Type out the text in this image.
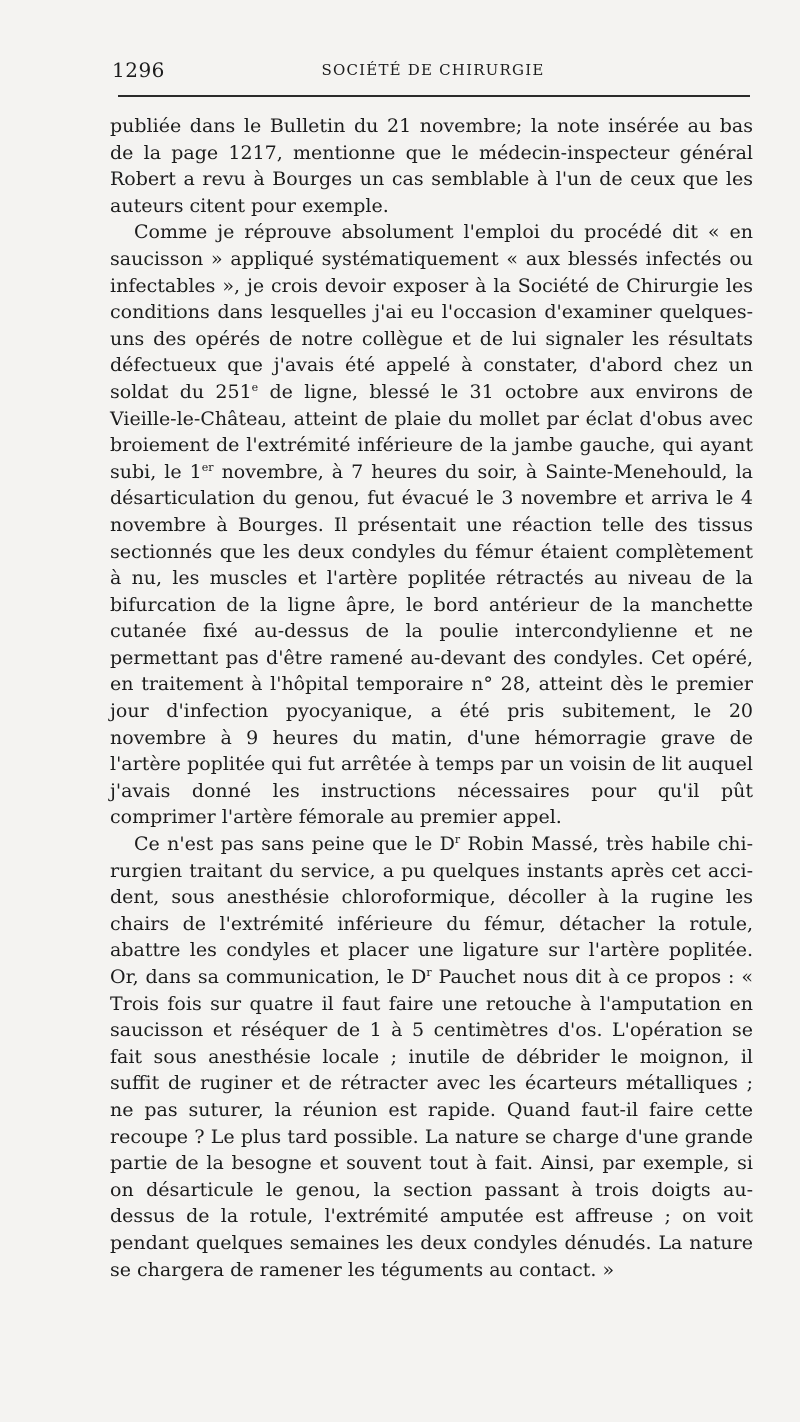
1296	SOCIÉTÉ DE CHIRURGIE

publiée dans le Bulletin du 21 novembre; la note insérée au bas de la page 1217, mentionne que le médecin-inspecteur général Robert a revu à Bourges un cas semblable à l'un de ceux que les auteurs citent pour exemple.

Comme je réprouve absolument l'emploi du procédé dit « en saucisson » appliqué systématiquement « aux blessés infectés ou infectables », je crois devoir exposer à la Société de Chirurgie les conditions dans lesquelles j'ai eu l'occasion d'examiner quelques-uns des opérés de notre collègue et de lui signaler les résultats défectueux que j'avais été appelé à constater, d'abord chez un soldat du 251e de ligne, blessé le 31 octobre aux environs de Vieille-le-Château, atteint de plaie du mollet par éclat d'obus avec broiement de l'extrémité inférieure de la jambe gauche, qui ayant subi, le 1er novembre, à 7 heures du soir, à Sainte-Menehould, la désarticulation du genou, fut évacué le 3 novembre et arriva le 4 novembre à Bourges. Il présentait une réaction telle des tissus sectionnés que les deux condyles du fémur étaient complètement à nu, les muscles et l'artère poplitée rétractés au niveau de la bifurcation de la ligne âpre, le bord antérieur de la manchette cutanée fixé au-dessus de la poulie intercondylienne et ne permettant pas d'être ramené au-devant des condyles. Cet opéré, en traitement à l'hôpital temporaire n° 28, atteint dès le premier jour d'infection pyocyanique, a été pris subitement, le 20 novembre à 9 heures du matin, d'une hémorragie grave de l'artère poplitée qui fut arrêtée à temps par un voisin de lit auquel j'avais donné les instructions nécessaires pour qu'il pût comprimer l'artère fémorale au premier appel.

Ce n'est pas sans peine que le $D^r$ Robin Massé, très habile chirurgien traitant du service, a pu quelques instants après cet accident, sous anesthésie chloroformique, décoller à la rugine les chairs de l'extrémité inférieure du fémur, détacher la rotule, abattre les condyles et placer une ligature sur l'artère poplitée. Or, dans sa communication, le $D^r$ Pauchet nous dit à ce propos : « Trois fois sur quatre il faut faire une retouche à l'amputation en saucisson et réséquer de 1 à 5 centimètres d'os. L'opération se fait sous anesthésie locale ; inutile de débrider le moignon, il suffit de ruginer et de rétracter avec les écarteurs métalliques ; ne pas suturer, la réunion est rapide. Quand faut-il faire cette recoupe ? Le plus tard possible. La nature se charge d'une grande partie de la besogne et souvent tout à fait. Ainsi, par exemple, si on désarticule le genou, la section passant à trois doigts au-dessus de la rotule, l'extrémité amputée est affreuse ; on voit pendant quelques semaines les deux condyles dénudés. La nature se chargera de ramener les téguments au contact. »
